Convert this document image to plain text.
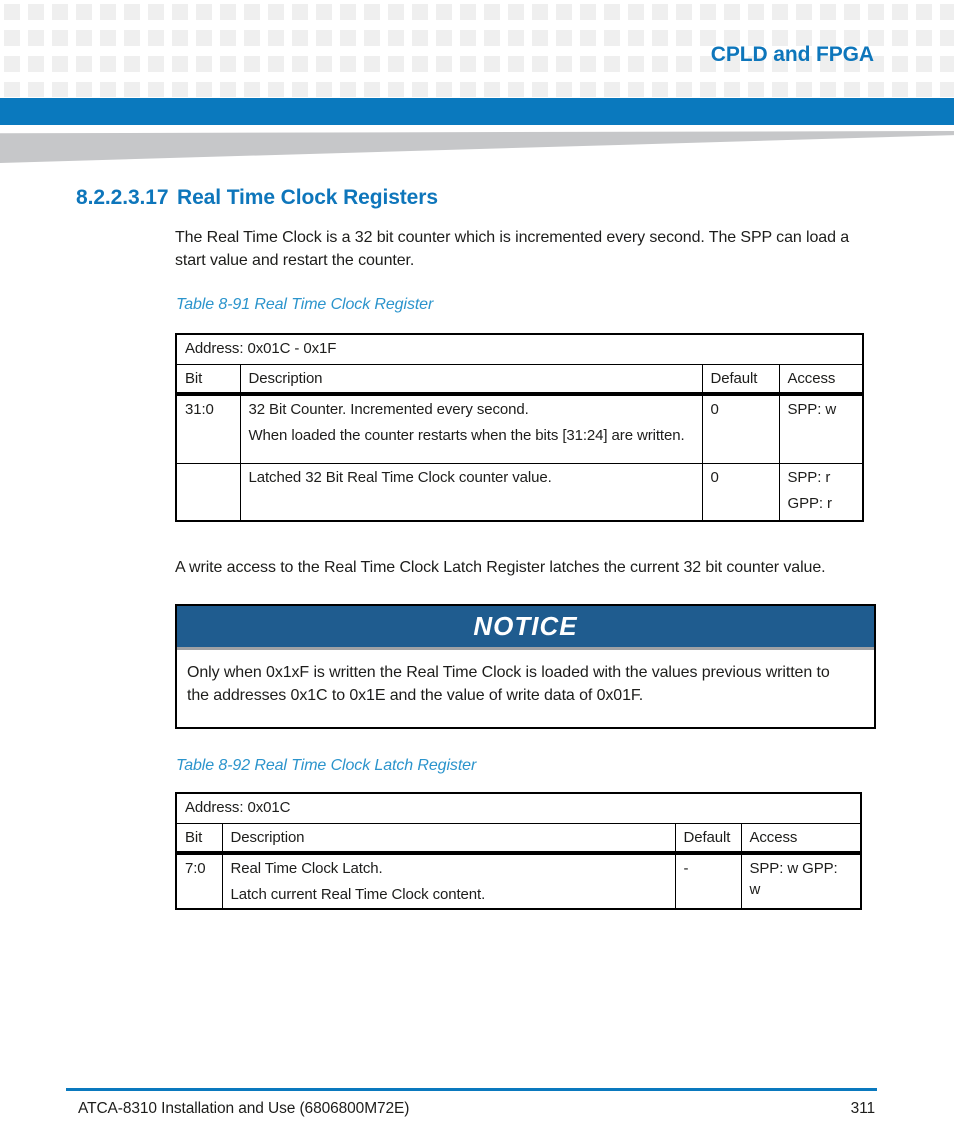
CPLD and FPGA
8.2.2.3.17 Real Time Clock Registers
The Real Time Clock is a 32 bit counter which is incremented every second. The SPP can load a
start value and restart the counter.
Table 8-91 Real Time Clock Register
Address: 0x01C - 0x1F			
Bit	Description	Default	Access
31:0	32 Bit Counter. Incremented every second.
When loaded the counter restarts when the bits [31:24] are written.	0	SPP: w

	Latched 32 Bit Real Time Clock counter value.	0	SPP: r
GPP: r
A write access to the Real Time Clock Latch Register latches the current 32 bit counter value.
NOTICE
Only when 0x1xF is written the Real Time Clock is loaded with the values previous written to
the addresses 0x1C to 0x1E and the value of write data of 0x01F.
Table 8-92 Real Time Clock Latch Register
Address: 0x01C			
Bit	Description	Default	Access
7:0	Real Time Clock Latch.
Latch current Real Time Clock content.	-	SPP: w GPP: w
ATCA-8310 Installation and Use (6806800M72E)	311
